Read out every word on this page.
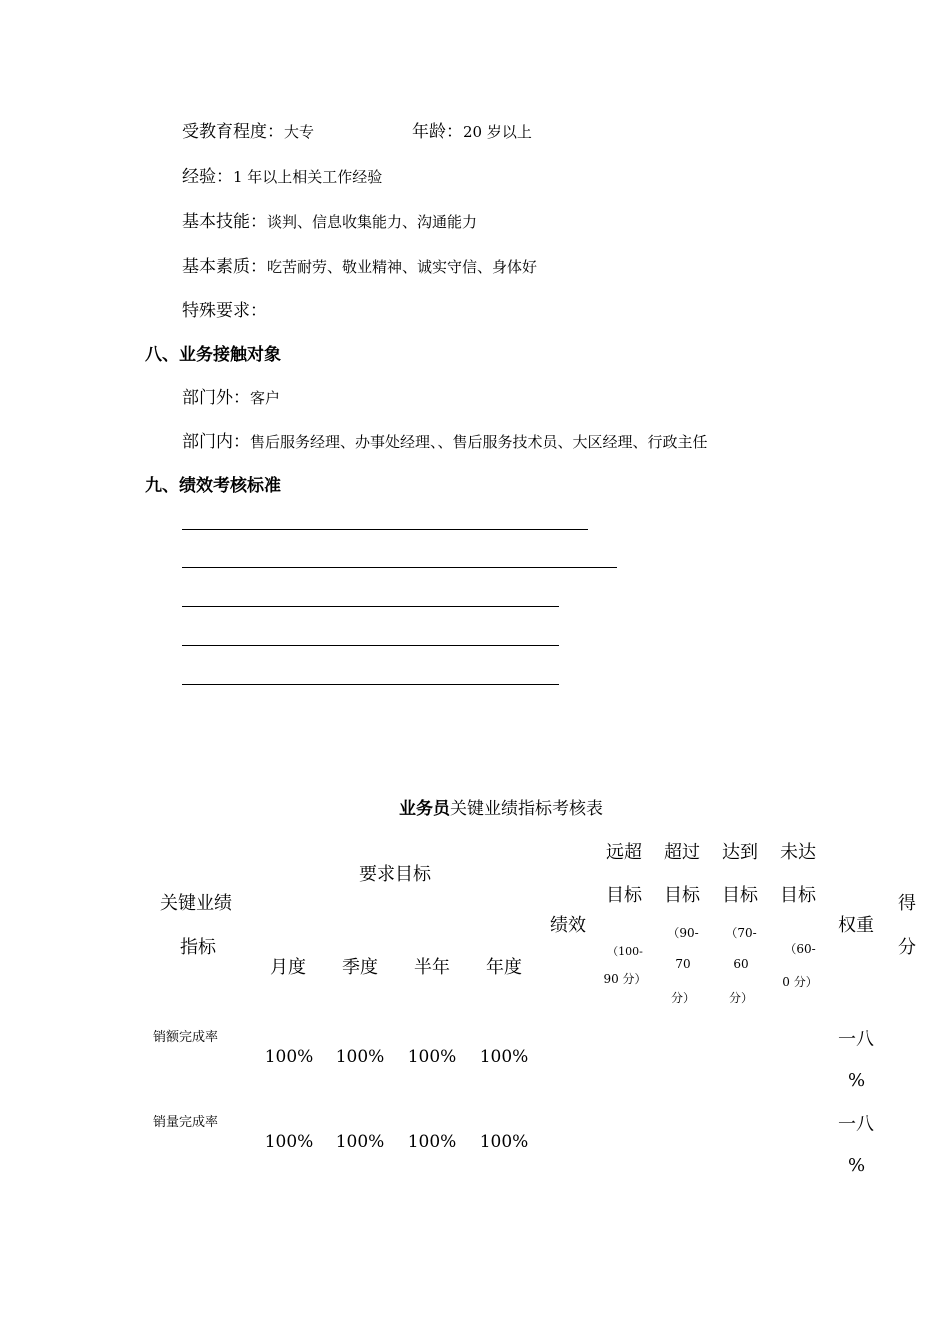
受教育程度：大专	年龄：20 岁以上
经验：1 年以上相关工作经验
基本技能：谈判、信息收集能力、沟通能力
基本素质：吃苦耐劳、敬业精神、诚实守信、身体好
特殊要求：
八、业务接触对象
部门外：客户
部门内：售后服务经理、办事处经理、、售后服务技术员、大区经理、行政主任
九、绩效考核标准
业务员关键业绩指标考核表
关键业绩
指标
要求目标
月度 季度 半年 年度
绩效
远超
目标
（100-
90 分）
超过
目标
（90-
70
分）
达到
目标
（70-
60
分）
未达
目标
（60-
0 分）
权重
得
分
销额完成率
100% 100% 100% 100%
一八
%
销量完成率
100% 100% 100% 100%
一八
%
